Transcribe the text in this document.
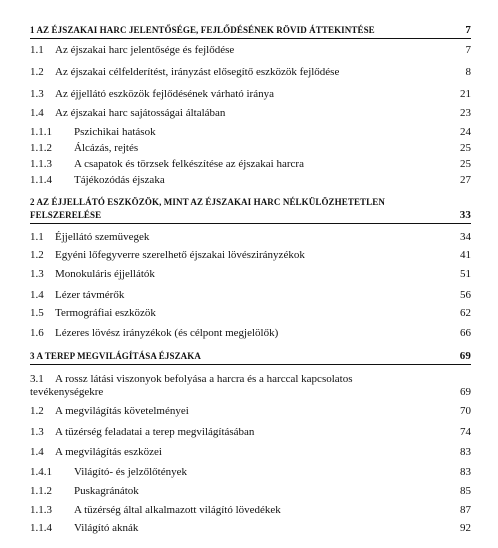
1 AZ ÉJSZAKAI HARC JELENTŐSÉGE, FEJLŐDÉSÉNEK RÖVID ÁTTEKINTÉSE	7
1.1 Az éjszakai harc jelentősége és fejlődése	7
1.2 Az éjszakai célfelderítést, irányzást elősegítő eszközök fejlődése	8
1.3 Az éjjellátó eszközök fejlődésének várható iránya	21
1.4 Az éjszakai harc sajátosságai általában	23
1.1.1 Pszichikai hatások	24
1.1.2 Álcázás, rejtés	25
1.1.3 A csapatok és törzsek felkészítése az éjszakai harcra	25
1.1.4 Tájékozódás éjszaka	27
2 AZ ÉJJELLÁTÓ ESZKÖZÖK, MINT AZ ÉJSZAKAI HARC NÉLKÜLÖZHETETLEN
FELSZERELÉSE	33
1.1 Éjjellátó szemüvegek	34
1.2 Egyéni lőfegyverre szerelhető éjszakai lövészirányzékok	41
1.3 Monokuláris éjjellátók	51
1.4 Lézer távmérők	56
1.5 Termográfiai eszközök	62
1.6 Lézeres lövész irányzékok (és célpont megjelölők)	66
3 A TEREP MEGVILÁGÍTÁSA ÉJSZAKA	69
3.1 A rossz látási viszonyok befolyása a harcra és a harccal kapcsolatos
tevékenységekre	69
1.2 A megvilágítás követelményei	70
1.3 A tüzérség feladatai a terep megvilágításában	74
1.4 A megvilágítás eszközei	83
1.4.1 Világító- és jelzőlőtények	83
1.1.2 Puskagránátok	85
1.1.3 A tüzérség által alkalmazott világító lövedékek	87
1.1.4 Világító aknák	92
